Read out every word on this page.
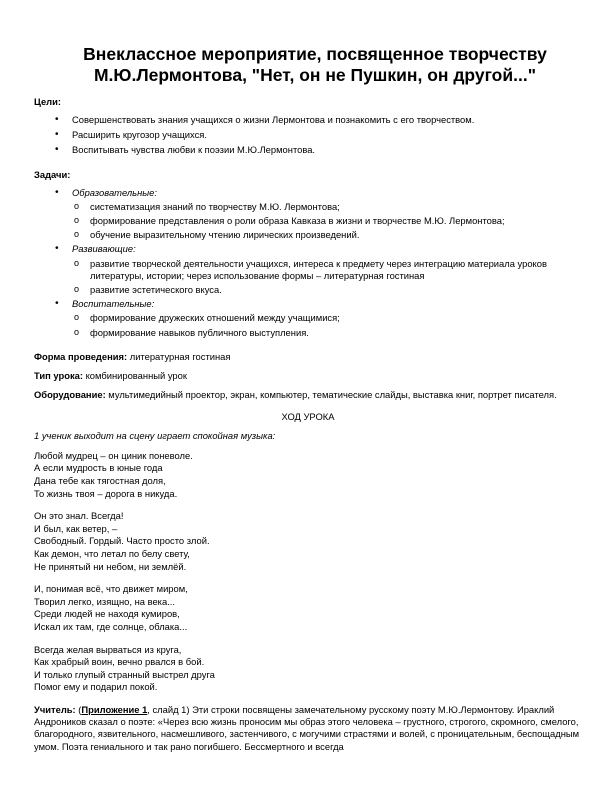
Внеклассное мероприятие, посвященное творчеству
М.Ю.Лермонтова, "Нет, он не Пушкин, он другой..."

Цели:

• Совершенствовать знания учащихся о жизни Лермонтова и познакомить с его творчеством.
• Расширить кругозор учащихся.
• Воспитывать чувства любви к поэзии М.Ю.Лермонтова.

Задачи:

• Образовательные:
o систематизация знаний по творчеству М.Ю. Лермонтова;
o формирование представления о роли образа Кавказа в жизни и творчестве М.Ю. Лермонтова;
o обучение выразительному чтению лирических произведений.
• Развивающие:
o развитие творческой деятельности учащихся, интереса к предмету через интеграцию материала уроков литературы, истории; через использование формы – литературная гостиная
o развитие эстетического вкуса.
• Воспитательные:
o формирование дружеских отношений между учащимися;
o формирование навыков публичного выступления.

Форма проведения: литературная гостиная

Тип урока: комбинированный урок

Оборудование: мультимедийный проектор, экран, компьютер, тематические слайды, выставка книг, портрет писателя.

ХОД УРОКА

1 ученик выходит на сцену играет спокойная музыка:

Любой мудрец – он циник поневоле.

А если мудрость в юные года

Дана тебе как тягостная доля,

То жизнь твоя – дорога в никуда.

Он это знал. Всегда!

И был, как ветер, –

Свободный. Гордый. Часто просто злой.

Как демон, что летал по белу свету,

Не принятый ни небом, ни землёй.

И, понимая всё, что движет миром,

Творил легко, изящно, на века...

Среди людей не находя кумиров,

Искал их там, где солнце, облака...

Всегда желая вырваться из круга,

Как храбрый воин, вечно рвался в бой.

И только глупый странный выстрел друга

Помог ему и подарил покой.

Учитель: (Приложение 1, слайд 1) Эти строки посвящены замечательному русскому поэту М.Ю.Лермонтову. Ираклий Андроников сказал о поэте: «Через всю жизнь проносим мы образ этого человека – грустного, строгого, скромного, смелого, благородного, язвительного, насмешливого, застенчивого, с могучими страстями и волей, с проницательным, беспощадным умом. Поэта гениального и так рано погибшего. Бессмертного и всегда
